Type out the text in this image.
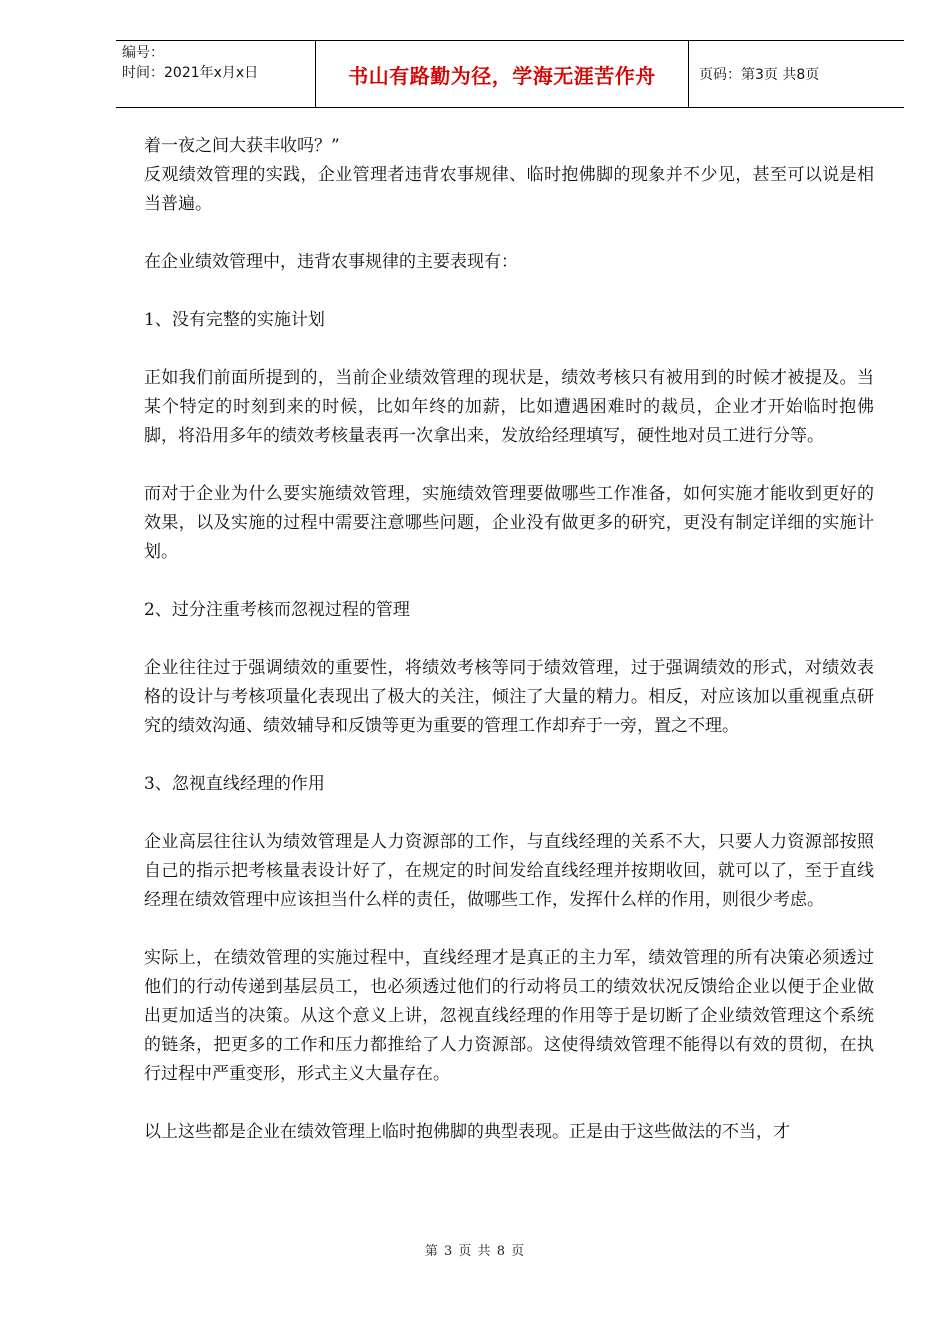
编号：
时间：2021年x月x日	书山有路勤为径，学海无涯苦作舟	页码：第3页 共8页

着一夜之间大获丰收吗？”

反观绩效管理的实践，企业管理者违背农事规律、临时抱佛脚的现象并不少见，甚至可以说是相当普遍。

在企业绩效管理中，违背农事规律的主要表现有：

1、没有完整的实施计划

正如我们前面所提到的，当前企业绩效管理的现状是，绩效考核只有被用到的时候才被提及。当某个特定的时刻到来的时候，比如年终的加薪，比如遭遇困难时的裁员，企业才开始临时抱佛脚，将沿用多年的绩效考核量表再一次拿出来，发放给经理填写，硬性地对员工进行分等。

而对于企业为什么要实施绩效管理，实施绩效管理要做哪些工作准备，如何实施才能收到更好的效果，以及实施的过程中需要注意哪些问题，企业没有做更多的研究，更没有制定详细的实施计划。

2、过分注重考核而忽视过程的管理

企业往往过于强调绩效的重要性，将绩效考核等同于绩效管理，过于强调绩效的形式，对绩效表格的设计与考核项量化表现出了极大的关注，倾注了大量的精力。相反，对应该加以重视重点研究的绩效沟通、绩效辅导和反馈等更为重要的管理工作却弃于一旁，置之不理。

3、忽视直线经理的作用

企业高层往往认为绩效管理是人力资源部的工作，与直线经理的关系不大，只要人力资源部按照自己的指示把考核量表设计好了，在规定的时间发给直线经理并按期收回，就可以了，至于直线经理在绩效管理中应该担当什么样的责任，做哪些工作，发挥什么样的作用，则很少考虑。

实际上，在绩效管理的实施过程中，直线经理才是真正的主力军，绩效管理的所有决策必须透过他们的行动传递到基层员工，也必须透过他们的行动将员工的绩效状况反馈给企业以便于企业做出更加适当的决策。从这个意义上讲，忽视直线经理的作用等于是切断了企业绩效管理这个系统的链条，把更多的工作和压力都推给了人力资源部。这使得绩效管理不能得以有效的贯彻，在执行过程中严重变形，形式主义大量存在。

以上这些都是企业在绩效管理上临时抱佛脚的典型表现。正是由于这些做法的不当，才

第 3 页 共 8 页
